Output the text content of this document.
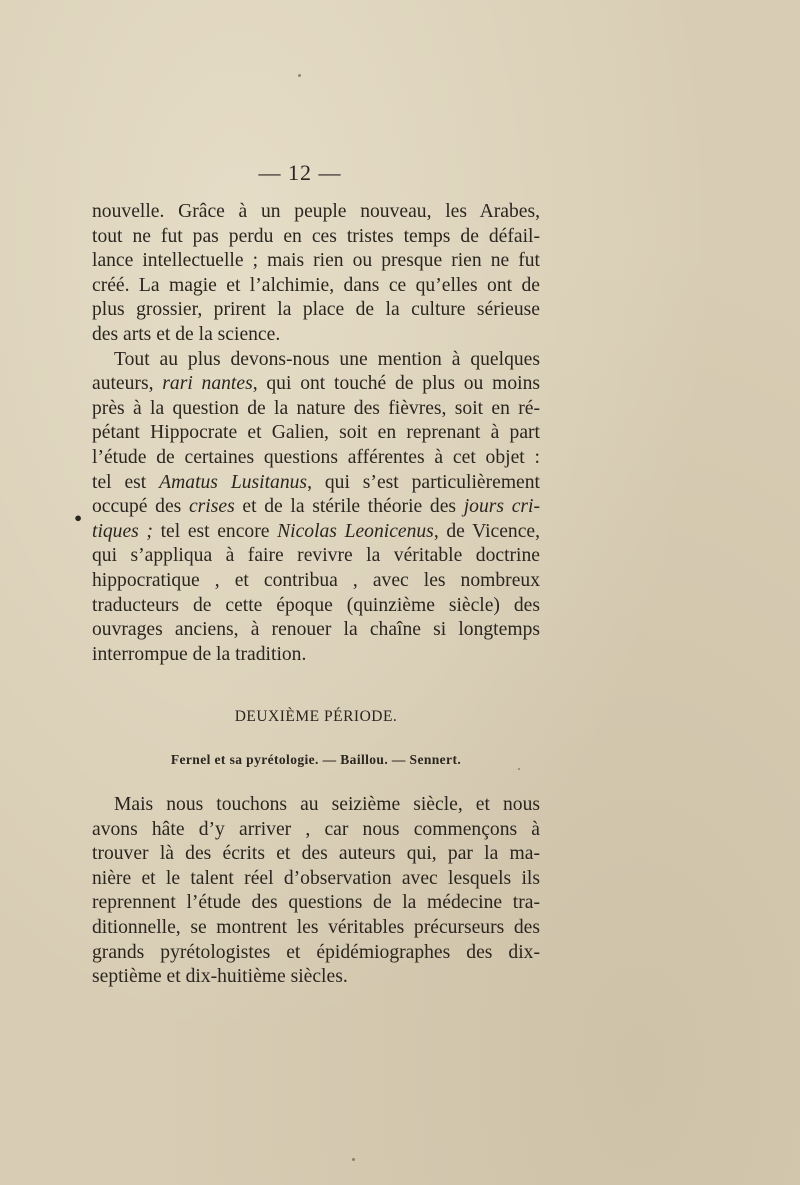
— 12 —

nouvelle. Grâce à un peuple nouveau, les Arabes,
tout ne fut pas perdu en ces tristes temps de défail-
lance intellectuelle ; mais rien ou presque rien ne fut
créé. La magie et l’alchimie, dans ce qu’elles ont de
plus grossier, prirent la place de la culture sérieuse
des arts et de la science.

Tout au plus devons-nous une mention à quelques
auteurs, rari nantes, qui ont touché de plus ou moins
près à la question de la nature des fièvres, soit en ré-
pétant Hippocrate et Galien, soit en reprenant à part
l’étude de certaines questions afférentes à cet objet :
tel est Amatus Lusitanus, qui s’est particulièrement
occupé des crises et de la stérile théorie des jours cri-
tiques ; tel est encore Nicolas Leonicenus, de Vicence,
qui s’appliqua à faire revivre la véritable doctrine
hippocratique , et contribua , avec les nombreux
traducteurs de cette époque (quinzième siècle) des
ouvrages anciens, à renouer la chaîne si longtemps
interrompue de la tradition.

•
DEUXIÈME PÉRIODE.
Fernel et sa pyrétologie. — Baillou. — Sennert.

Mais nous touchons au seizième siècle, et nous
avons hâte d’y arriver , car nous commençons à
trouver là des écrits et des auteurs qui, par la ma-
nière et le talent réel d’observation avec lesquels ils
reprennent l’étude des questions de la médecine tra-
ditionnelle, se montrent les véritables précurseurs des
grands pyrétologistes et épidémiographes des dix-
septième et dix-huitième siècles.
